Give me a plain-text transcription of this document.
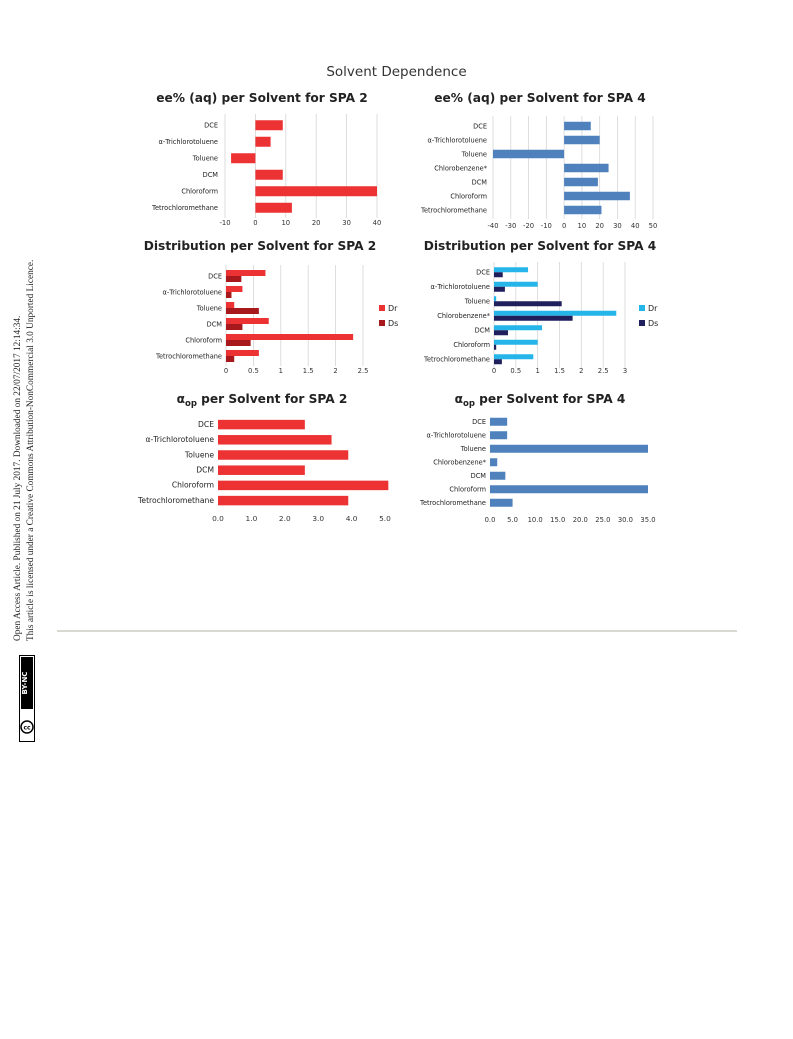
Open Access Article. Published on 21 July 2017. Downloaded on 22/07/2017 12:14:34. This article is licensed under a Creative Commons Attribution-NonCommercial 3.0 Unported Licence.
cc
BY-NC
Solvent Dependence
ee% (aq) per Solvent for SPA 2
-10	0	10	20	30	40
DCE
α-Trichlorotoluene
Toluene
DCM
Chloroform
Tetrochloromethane
ee% (aq) per Solvent for SPA 4
-40 -30 -20 -10 0 10 20 30 40 50
DCE
α-Trichlorotoluene
Toluene
Chlorobenzene*
DCM
Chloroform
Tetrochloromethane
Distribution per Solvent for SPA 2
0	0.5	1	1.5	2	2.5
DCE
α-Trichlorotoluene
Toluene
DCM
Chloroform
Tetrochloromethane
Dr
Ds
Distribution per Solvent for SPA 4
0 0.5 1 1.5 2 2.5 3
DCE
α-Trichlorotoluene
Toluene
Chlorobenzene*
DCM
Chloroform
Tetrochloromethane
Dr
Ds
$\alpha_{op}$ per Solvent for SPA 2
0.0	1.0	2.0	3.0	4.0	5.0
DCE
α-Trichlorotoluene
Toluene
DCM
Chloroform
Tetrochloromethane
$\alpha_{op}$ per Solvent for SPA 4
0.0 5.0 10.0 15.0 20.0 25.0 30.0 35.0
DCE
α-Trichlorotoluene
Toluene
Chlorobenzene*
DCM
Chloroform
Tetrochloromethane
